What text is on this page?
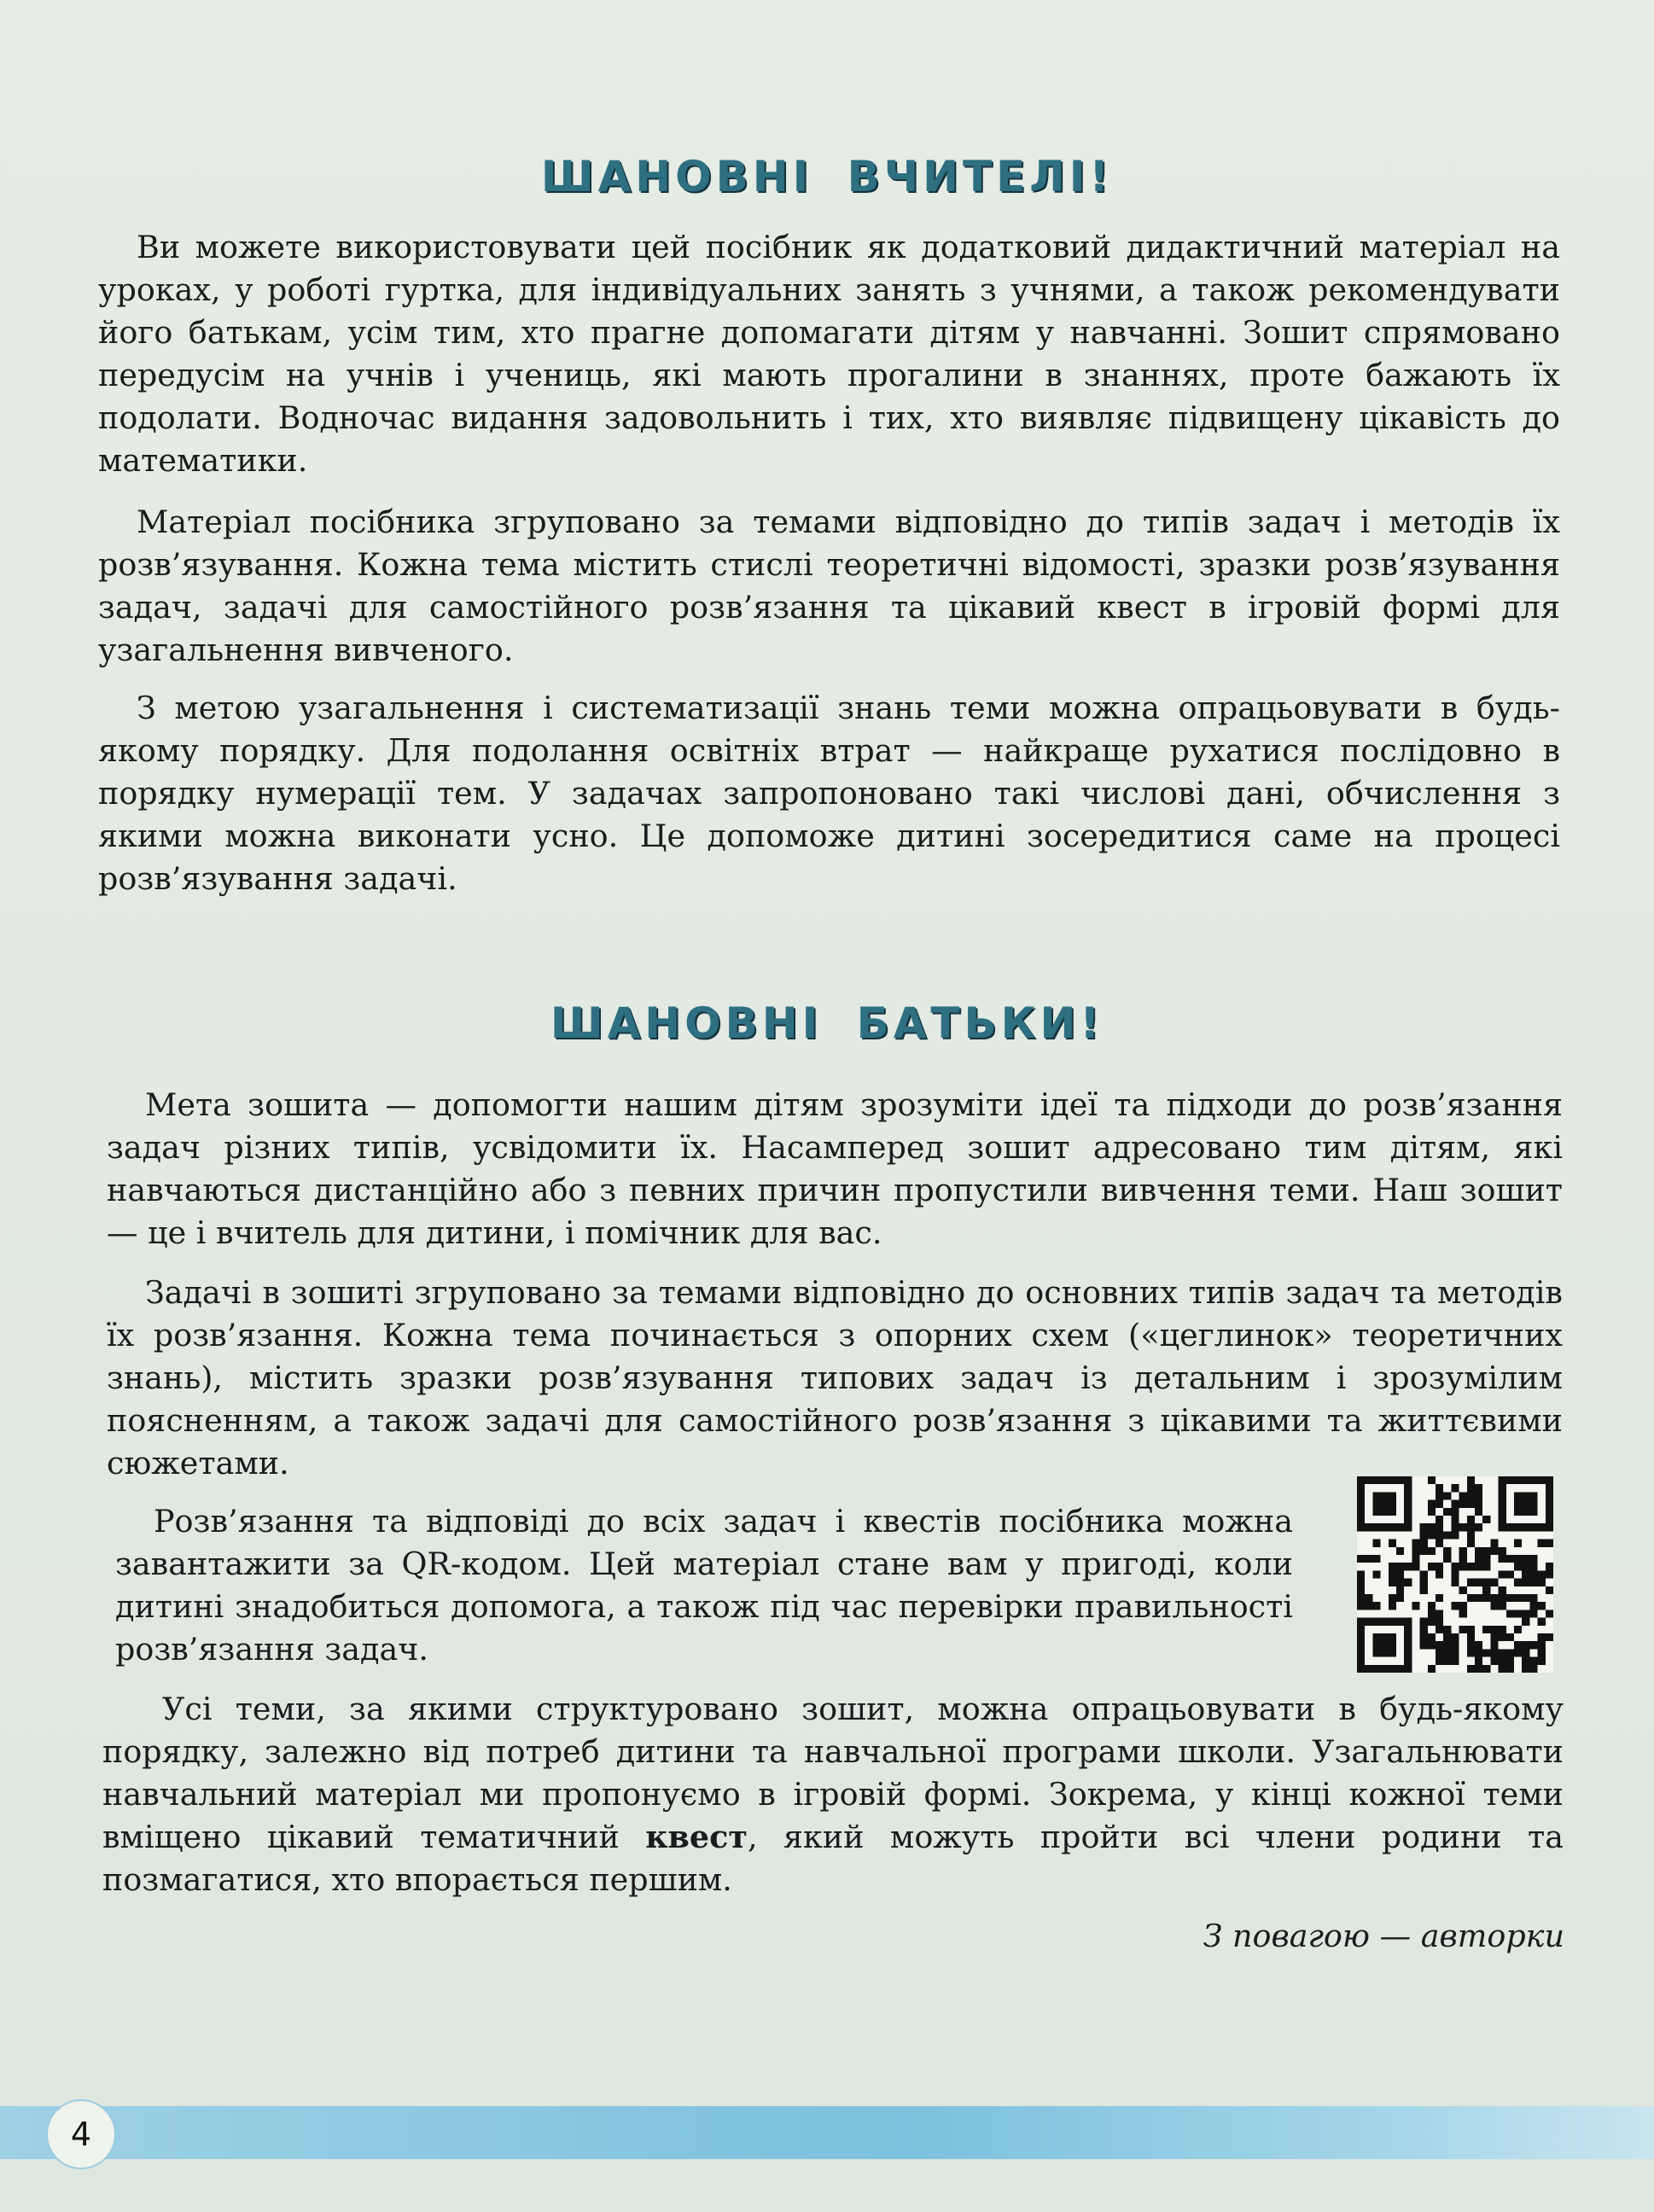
ШАНОВНІ ВЧИТЕЛІ!

Ви можете використовувати цей посібник як додатковий дидактичний матеріал на уроках, у роботі гуртка, для індивідуальних занять з учнями, а також рекомендувати його батькам, усім тим, хто прагне допомагати дітям у навчанні. Зошит спрямовано передусім на учнів і учениць, які мають прогалини в знаннях, проте бажають їх подолати. Водночас видання задовольнить і тих, хто виявляє підвищену цікавість до математики.

Матеріал посібника згруповано за темами відповідно до типів задач і методів їх розв’язування. Кожна тема містить стислі теоретичні відомості, зразки розв’язування задач, задачі для самостійного розв’язання та цікавий квест в ігровій формі для узагальнення вивченого.

З метою узагальнення і систематизації знань теми можна опрацьовувати в будь-якому порядку. Для подолання освітніх втрат — найкраще рухатися послідовно в порядку нумерації тем. У задачах запропоновано такі числові дані, обчислення з якими можна виконати усно. Це допоможе дитині зосередитися саме на процесі розв’язування задачі.

ШАНОВНІ БАТЬКИ!

Мета зошита — допомогти нашим дітям зрозуміти ідеї та підходи до розв’язання задач різних типів, усвідомити їх. Насамперед зошит адресовано тим дітям, які навчаються дистанційно або з певних причин пропустили вивчення теми. Наш зошит — це і вчитель для дитини, і помічник для вас.

Задачі в зошиті згруповано за темами відповідно до основних типів задач та методів їх розв’язання. Кожна тема починається з опорних схем («цеглинок» теоретичних знань), містить зразки розв’язування типових задач із детальним і зрозумілим поясненням, а також задачі для самостійного розв’язання з цікавими та життєвими сюжетами.

Розв’язання та відповіді до всіх задач і квестів посібника можна завантажити за QR-кодом. Цей матеріал стане вам у пригоді, коли дитині знадобиться допомога, а також під час перевірки правильності розв’язання задач.

Усі теми, за якими структуровано зошит, можна опрацьовувати в будь-якому порядку, залежно від потреб дитини та навчальної програми школи. Узагальнювати навчальний матеріал ми пропонуємо в ігровій формі. Зокрема, у кінці кожної теми вміщено цікавий тематичний квест, який можуть пройти всі члени родини та позмагатися, хто впорається першим.

З повагою — авторки
4
